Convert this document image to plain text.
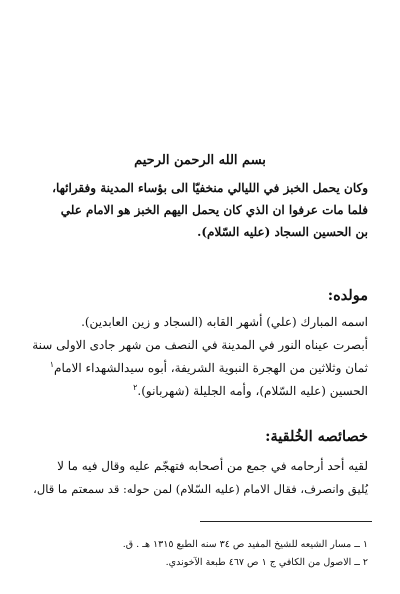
بسم الله الرحمن الرحيم
وكان يحمل الخبز في الليالي منخفيّا الى بؤساء المدينة وفقرائها،
فلما مات عرفوا ان الذي كان يحمل اليهم الخبز هو الامام علي
بن الحسين السجاد (عليه السّلام).
مولده:
اسمه المبارك (علي) أشهر القابه (السجاد و زين العابدين).
أبصرت عيناه النور في المدينة في النصف من شهر جادى الاولى سنة
ثمان وثلاثين من الهجرة النبوية الشريفة، أبوه سيدالشهداء الامام$^١$
الحسين (عليه السّلام)، وأمه الجليلة (شهربانو).$^٢$
خصائصه الخُلقية:
لقيه أحد أرحامه في جمع من أصحابه فتهجّم عليه وقال فيه ما لا
يُليق وانصرف، فقال الامام (عليه السّلام) لمن حوله: قد سمعتم ما قال،
١ ــ مسار الشيعه للشيخ المفيد ص ٣٤ سنه الطبع ١٣١٥ هـ . ق.
٢ ــ الاصول من الكافي ج ١ ص ٤٦٧ طبعة الآخوندي.
